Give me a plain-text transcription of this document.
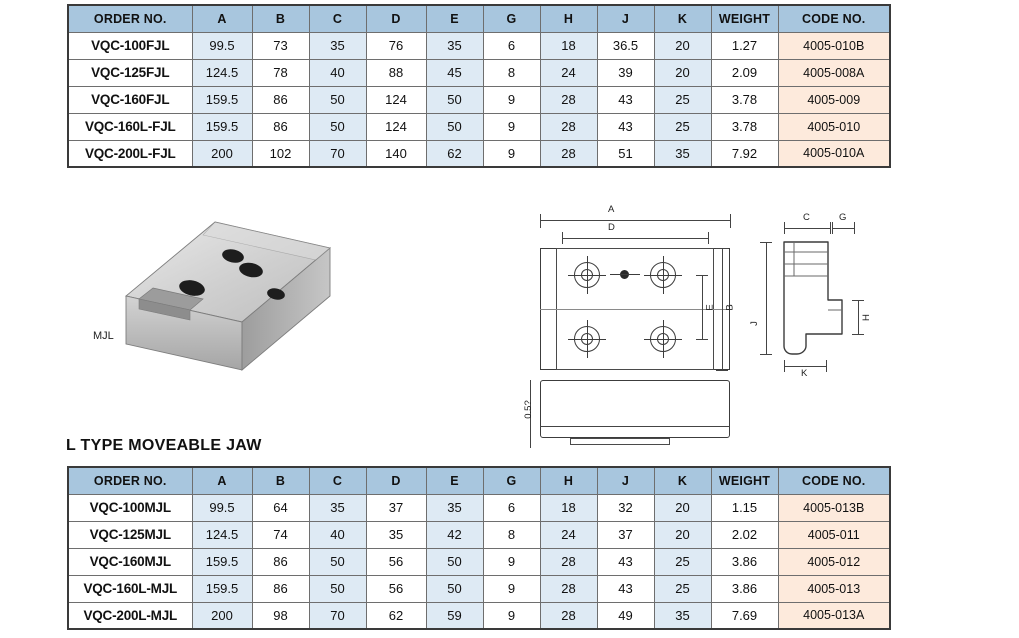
ORDER NO.	A	B	C	D	E	G	H	J	K	WEIGHT	CODE NO.
VQC-100FJL	99.5	73	35	76	35	6	18	36.5	20	1.27	4005-010B
VQC-125FJL	124.5	78	40	88	45	8	24	39	20	2.09	4005-008A
VQC-160FJL	159.5	86	50	124	50	9	28	43	25	3.78	4005-009
VQC-160L-FJL	159.5	86	50	124	50	9	28	43	25	3.78	4005-010
VQC-200L-FJL	200	102	70	140	62	9	28	51	35	7.92	4005-010A
MJL
A
D
B
E
0.5?
C	G
H
J
K
L TYPE MOVEABLE JAW
ORDER NO.	A	B	C	D	E	G	H	J	K	WEIGHT	CODE NO.
VQC-100MJL	99.5	64	35	37	35	6	18	32	20	1.15	4005-013B
VQC-125MJL	124.5	74	40	35	42	8	24	37	20	2.02	4005-011
VQC-160MJL	159.5	86	50	56	50	9	28	43	25	3.86	4005-012
VQC-160L-MJL	159.5	86	50	56	50	9	28	43	25	3.86	4005-013
VQC-200L-MJL	200	98	70	62	59	9	28	49	35	7.69	4005-013A
